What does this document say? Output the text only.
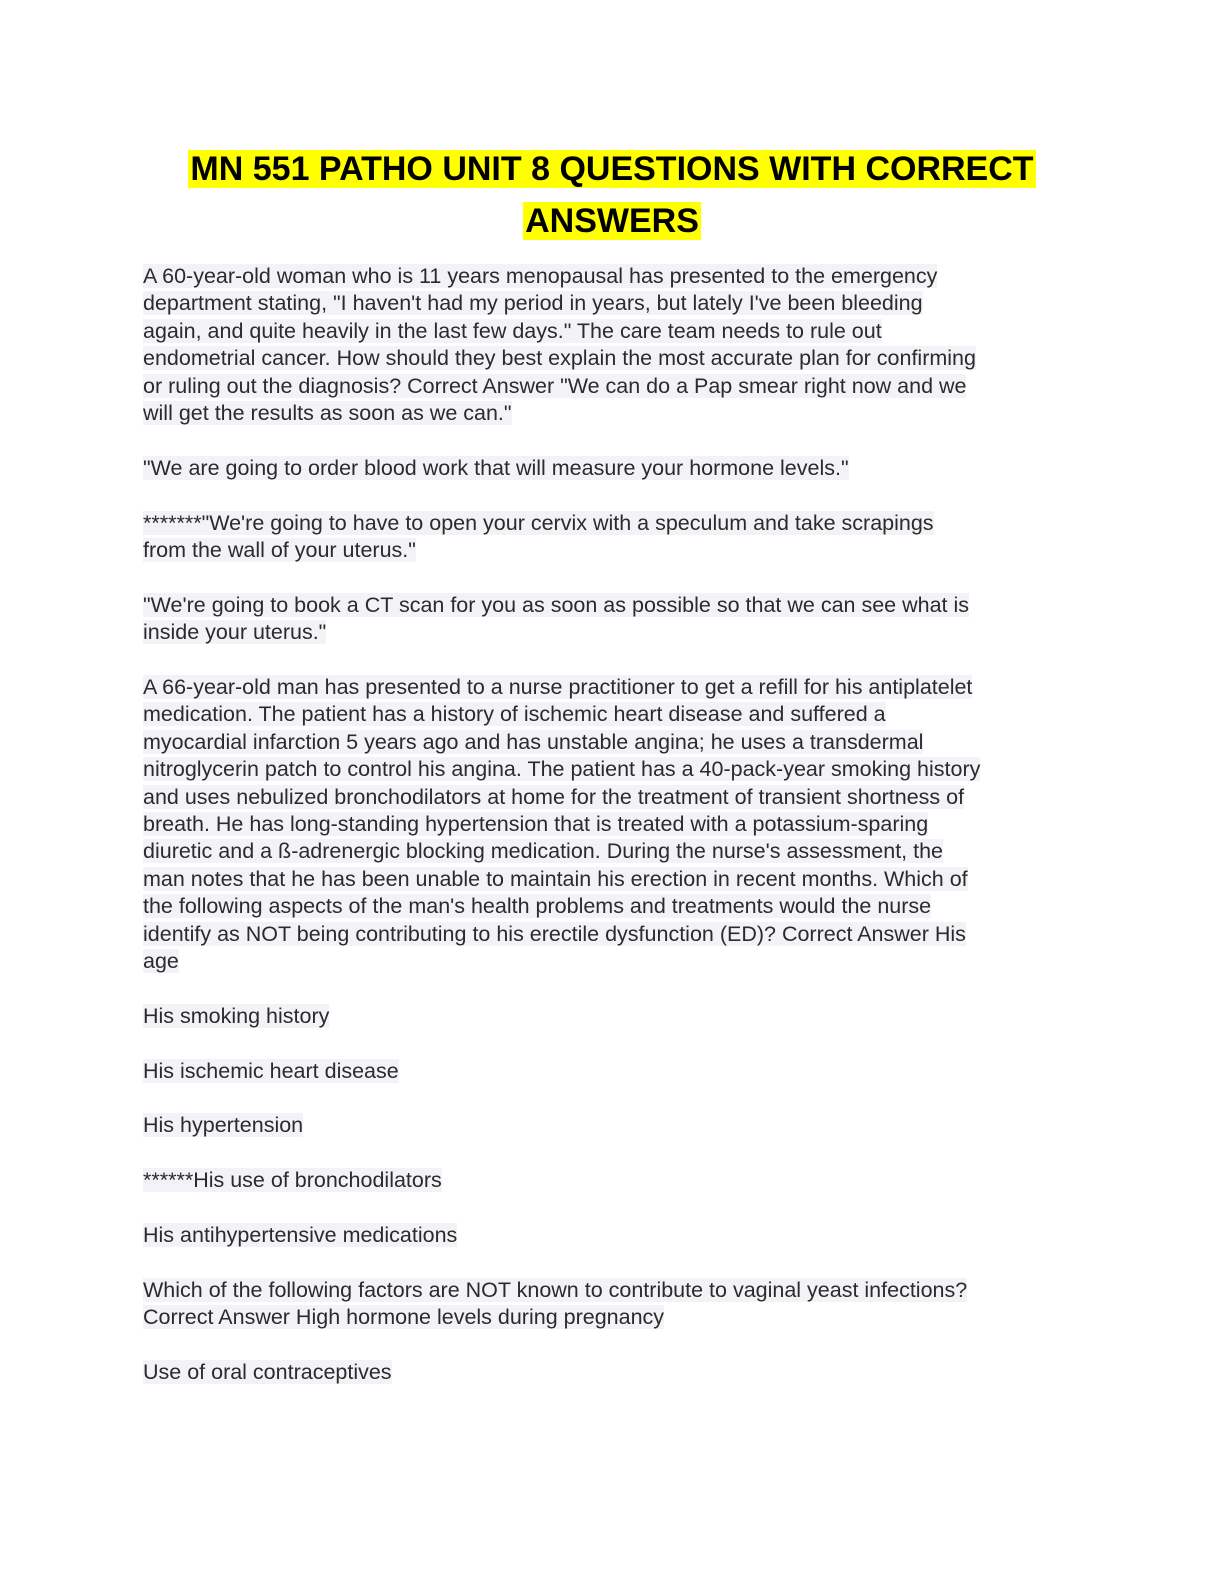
MN 551 PATHO UNIT 8 QUESTIONS WITH CORRECT
ANSWERS
A 60-year-old woman who is 11 years menopausal has presented to the emergency
department stating, "I haven't had my period in years, but lately I've been bleeding
again, and quite heavily in the last few days." The care team needs to rule out
endometrial cancer. How should they best explain the most accurate plan for confirming
or ruling out the diagnosis? Correct Answer "We can do a Pap smear right now and we
will get the results as soon as we can."
"We are going to order blood work that will measure your hormone levels."
*******"We're going to have to open your cervix with a speculum and take scrapings
from the wall of your uterus."
"We're going to book a CT scan for you as soon as possible so that we can see what is
inside your uterus."
A 66-year-old man has presented to a nurse practitioner to get a refill for his antiplatelet
medication. The patient has a history of ischemic heart disease and suffered a
myocardial infarction 5 years ago and has unstable angina; he uses a transdermal
nitroglycerin patch to control his angina. The patient has a 40-pack-year smoking history
and uses nebulized bronchodilators at home for the treatment of transient shortness of
breath. He has long-standing hypertension that is treated with a potassium-sparing
diuretic and a ß-adrenergic blocking medication. During the nurse's assessment, the
man notes that he has been unable to maintain his erection in recent months. Which of
the following aspects of the man's health problems and treatments would the nurse
identify as NOT being contributing to his erectile dysfunction (ED)? Correct Answer His
age
His smoking history
His ischemic heart disease
His hypertension
******His use of bronchodilators
His antihypertensive medications
Which of the following factors are NOT known to contribute to vaginal yeast infections?
Correct Answer High hormone levels during pregnancy
Use of oral contraceptives
